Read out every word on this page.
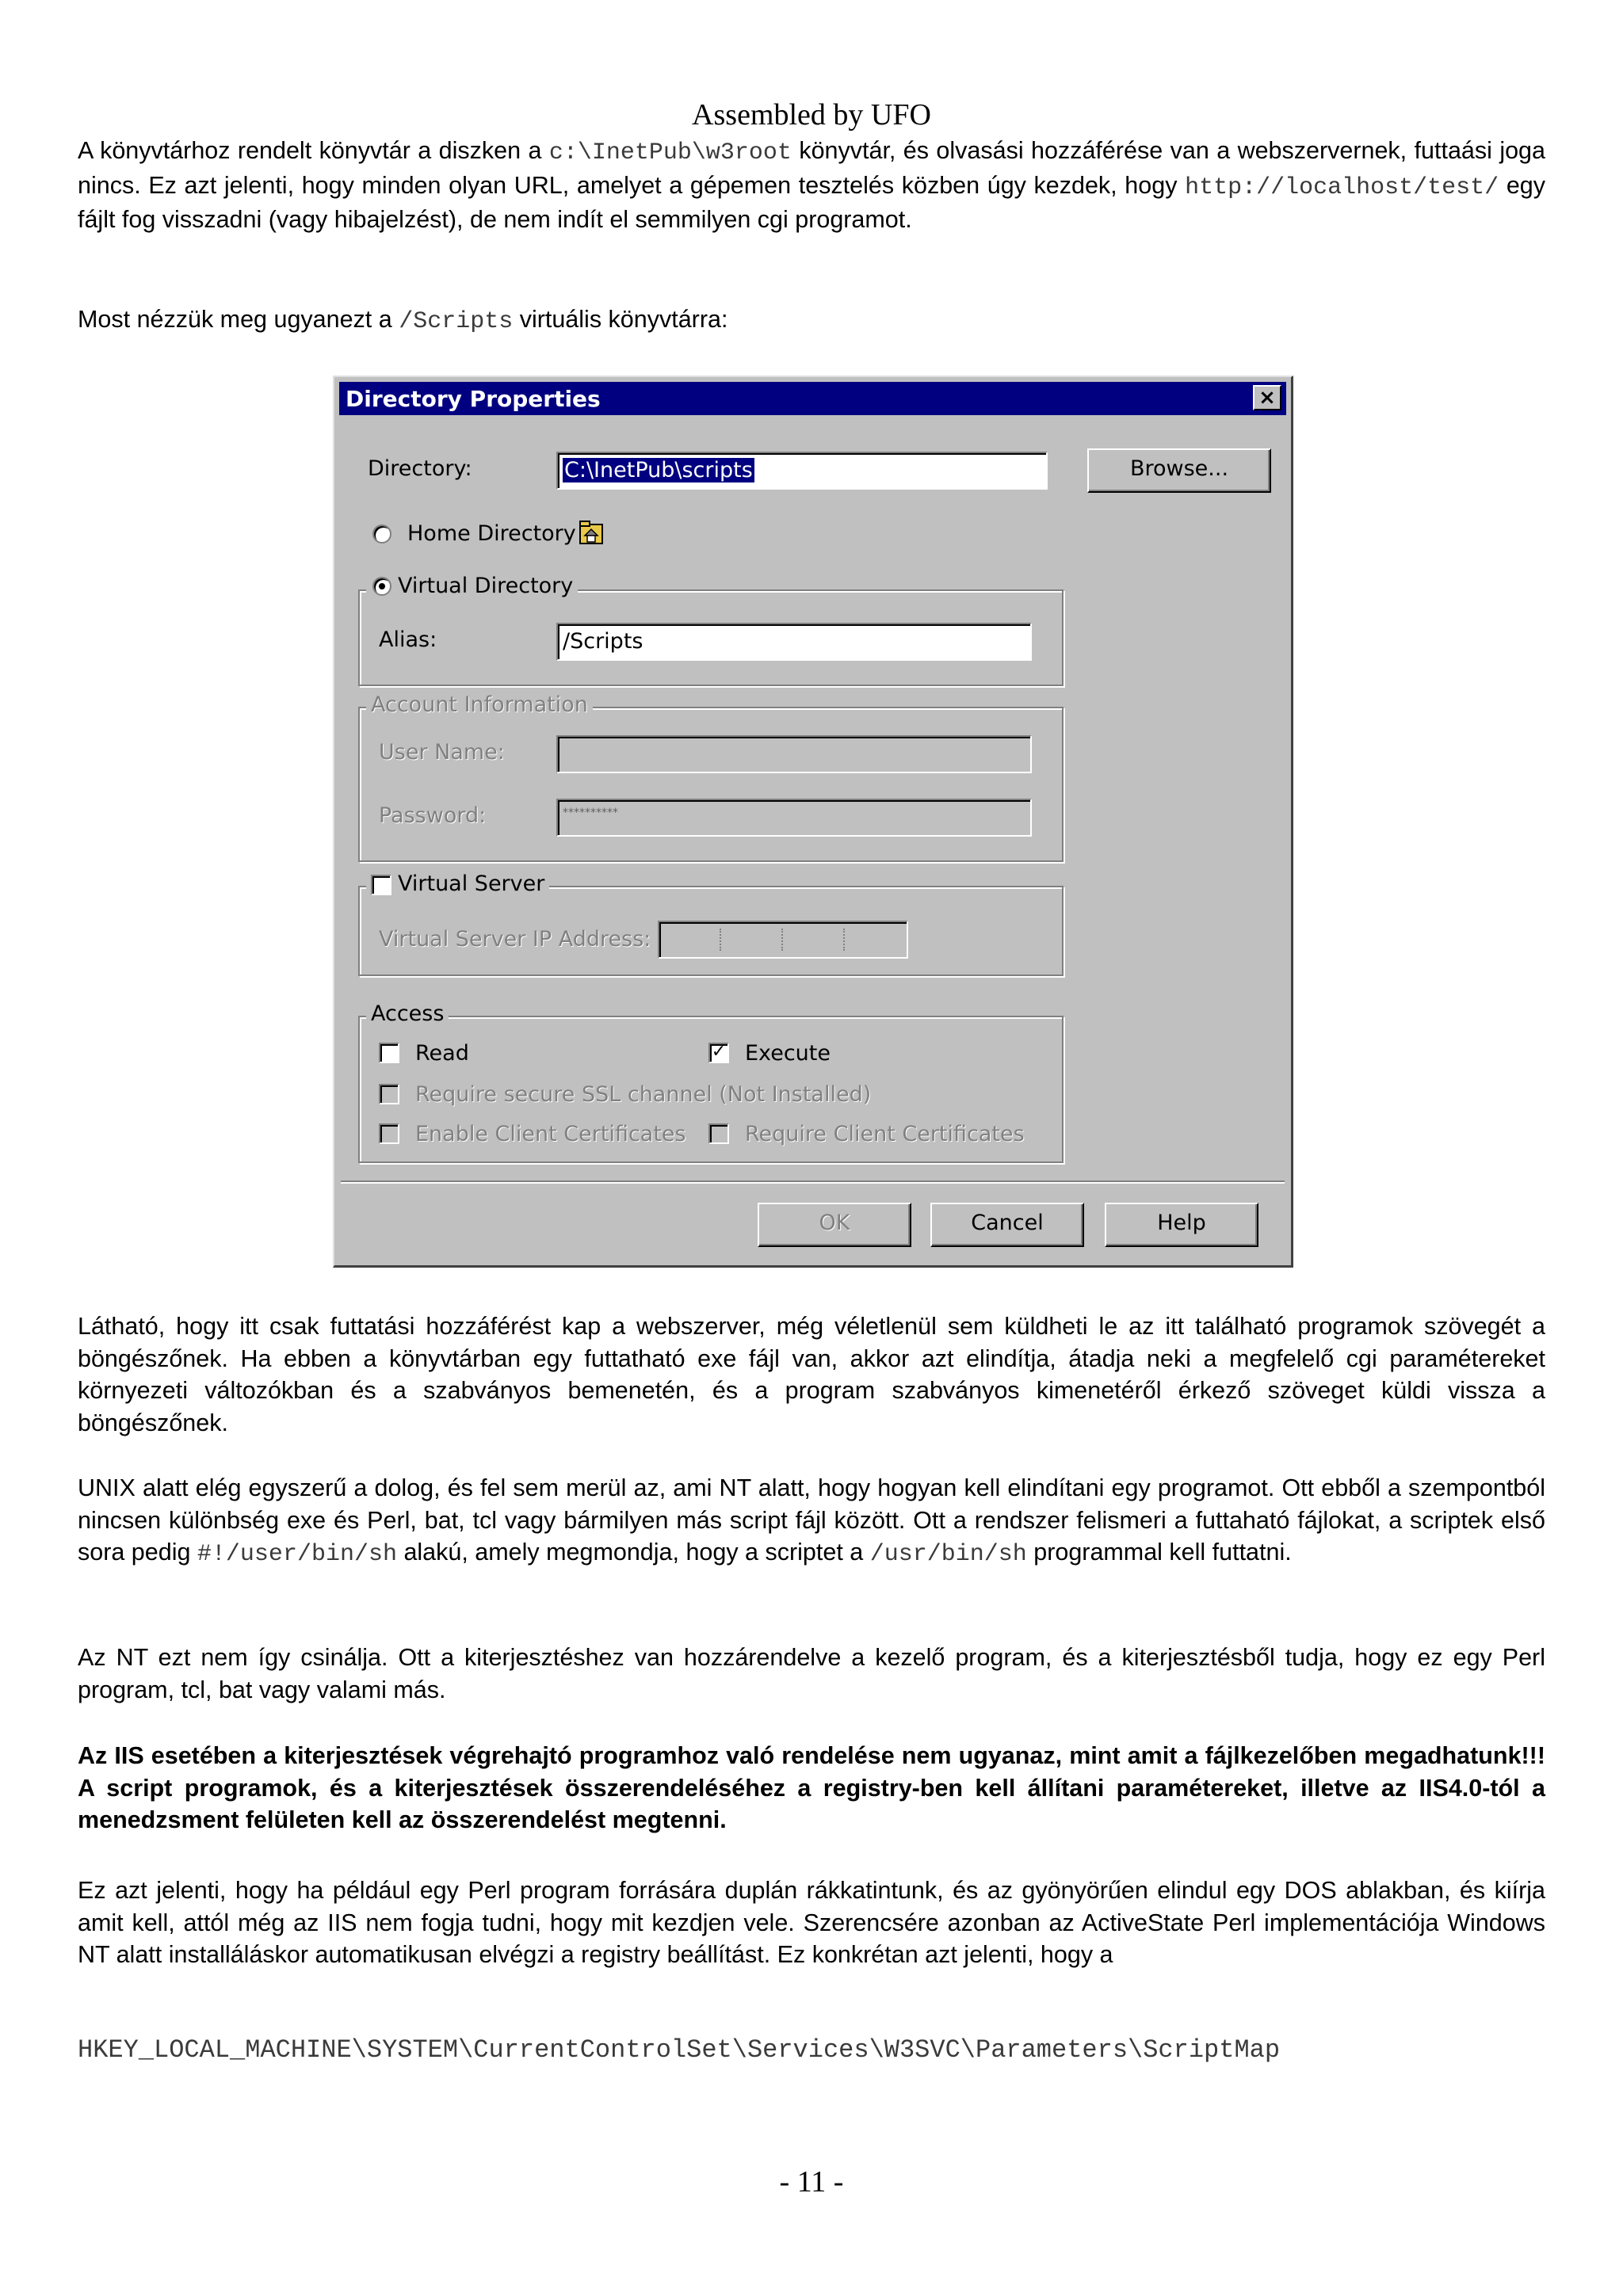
Assembled by UFO
A könyvtárhoz rendelt könyvtár a diszken a c:\InetPub\w3root könyvtár, és olvasási hozzáférése van a webszervernek, futtaási joga nincs. Ez azt jelenti, hogy minden olyan URL, amelyet a gépemen tesztelés közben úgy kezdek, hogy http://localhost/test/ egy fájlt fog visszadni (vagy hibajelzést), de nem indít el semmilyen cgi programot.
Most nézzük meg ugyanezt a /Scripts virtuális könyvtárra:
Directory Properties	×
Directory:	C:\InetPub\scripts	Browse...
Home Directory
Virtual Directory
Alias:	/Scripts
Account Information
User Name:
Password:	**********
Virtual Server
Virtual Server IP Address:
Access
Read	✓ Execute
Require secure SSL channel (Not Installed)
Enable Client Certificates	Require Client Certificates
OK	Cancel	Help
Látható, hogy itt csak futtatási hozzáférést kap a webszerver, még véletlenül sem küldheti le az itt található programok szövegét a böngészőnek. Ha ebben a könyvtárban egy futtatható exe fájl van, akkor azt elindítja, átadja neki a megfelelő cgi paramétereket környezeti változókban és a szabványos bemenetén, és a program szabványos kimenetéről érkező szöveget küldi vissza a böngészőnek.
UNIX alatt elég egyszerű a dolog, és fel sem merül az, ami NT alatt, hogy hogyan kell elindítani egy programot. Ott ebből a szempontból nincsen különbség exe és Perl, bat, tcl vagy bármilyen más script fájl között. Ott a rendszer felismeri a futtaható fájlokat, a scriptek első sora pedig #!/user/bin/sh alakú, amely megmondja, hogy a scriptet a /usr/bin/sh programmal kell futtatni.
Az NT ezt nem így csinálja. Ott a kiterjesztéshez van hozzárendelve a kezelő program, és a kiterjesztésből tudja, hogy ez egy Perl program, tcl, bat vagy valami más.
Az IIS esetében a kiterjesztések végrehajtó programhoz való rendelése nem ugyanaz, mint amit a fájlkezelőben megadhatunk!!! A script programok, és a kiterjesztések összerendeléséhez a registry-ben kell állítani paramétereket, illetve az IIS4.0-tól a menedzsment felületen kell az összerendelést megtenni.
Ez azt jelenti, hogy ha például egy Perl program forrására duplán rákkatintunk, és az gyönyörűen elindul egy DOS ablakban, és kiírja amit kell, attól még az IIS nem fogja tudni, hogy mit kezdjen vele. Szerencsére azonban az ActiveState Perl implementációja Windows NT alatt installáláskor automatikusan elvégzi a registry beállítást. Ez konkrétan azt jelenti, hogy a
HKEY_LOCAL_MACHINE\SYSTEM\CurrentControlSet\Services\W3SVC\Parameters\ScriptMap
- 11 -
